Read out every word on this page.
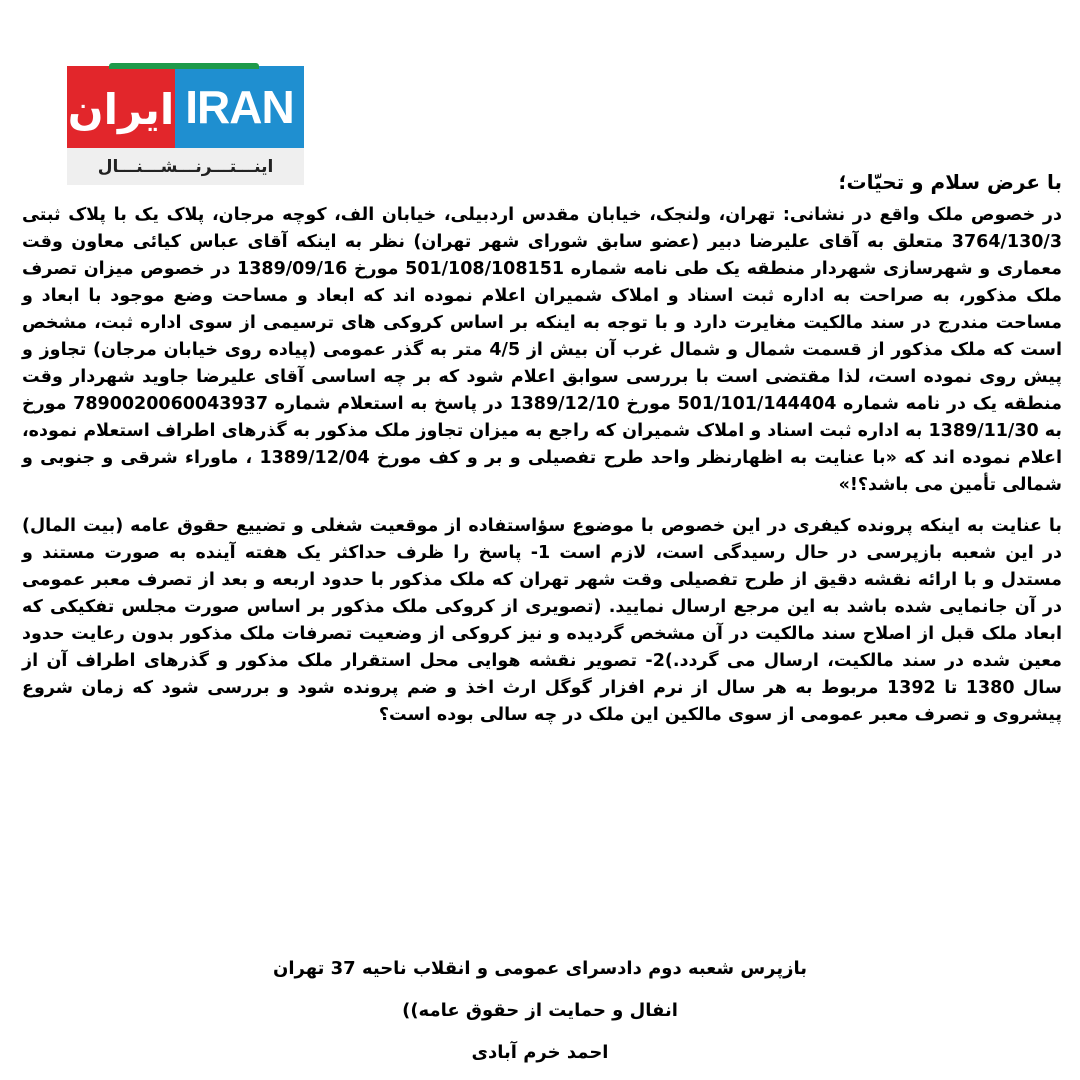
ایران IRAN
اینـــتـــرنـــشـــنـــال

با عرض سلام و تحیّات؛

در خصوص ملک واقع در نشانی: تهران، ولنجک، خیابان مقدس اردبیلی، خیابان الف، کوچه مرجان، پلاک یک با پلاک ثبتی 3764/130/3 متعلق به آقای علیرضا دبیر (عضو سابق شورای شهر تهران) نظر به اینکه آقای عباس کیائی معاون وقت معماری و شهرسازی شهردار منطقه یک طی نامه شماره 501/108/108151 مورخ 1389/09/16 در خصوص میزان تصرف ملک مذکور، به صراحت به اداره ثبت اسناد و املاک شمیران اعلام نموده اند که ابعاد و مساحت وضع موجود با ابعاد و مساحت مندرج در سند مالکیت مغایرت دارد و با توجه به اینکه بر اساس کروکی های ترسیمی از سوی اداره ثبت، مشخص است که ملک مذکور از قسمت شمال و شمال غرب آن بیش از 4/5 متر به گذر عمومی (پیاده روی خیابان مرجان) تجاوز و پیش روی نموده است، لذا مقتضی است با بررسی سوابق اعلام شود که بر چه اساسی آقای علیرضا جاوید شهردار وقت منطقه یک در نامه شماره 501/101/144404 مورخ 1389/12/10 در پاسخ به استعلام شماره 7890020060043937 مورخ به 1389/11/30 به اداره ثبت اسناد و املاک شمیران که راجع به میزان تجاوز ملک مذکور به گذرهای اطراف استعلام نموده، اعلام نموده اند که «با عنایت به اظهارنظر واحد طرح تفصیلی و بر و کف مورخ 1389/12/04 ، ماوراء شرقی و جنوبی و شمالی تأمین می باشد؟!»

با عنایت به اینکه پرونده کیفری در این خصوص با موضوع سؤاستفاده از موقعیت شغلی و تضییع حقوق عامه (بیت المال) در این شعبه بازپرسی در حال رسیدگی است، لازم است 1- پاسخ را ظرف حداکثر یک هفته آینده به صورت مستند و مستدل و با ارائه نقشه دقیق از طرح تفصیلی وقت شهر تهران که ملک مذکور با حدود اربعه و بعد از تصرف معبر عمومی در آن جانمایی شده باشد به این مرجع ارسال نمایید. (تصویری از کروکی ملک مذکور بر اساس صورت مجلس تفکیکی که ابعاد ملک قبل از اصلاح سند مالکیت در آن مشخص گردیده و نیز کروکی از وضعیت تصرفات ملک مذکور بدون رعایت حدود معین شده در سند مالکیت، ارسال می گردد.)2- تصویر نقشه هوایی محل استقرار ملک مذکور و گذرهای اطراف آن از سال 1380 تا 1392 مربوط به هر سال از نرم افزار گوگل ارث اخذ و ضم پرونده شود و بررسی شود که زمان شروع پیشروی و تصرف معبر عمومی از سوی مالکین این ملک در چه سالی بوده است؟

بازپرس شعبه دوم دادسرای عمومی و انقلاب ناحیه 37 تهران
انفال و حمایت از حقوق عامه))
احمد خرم آبادی
